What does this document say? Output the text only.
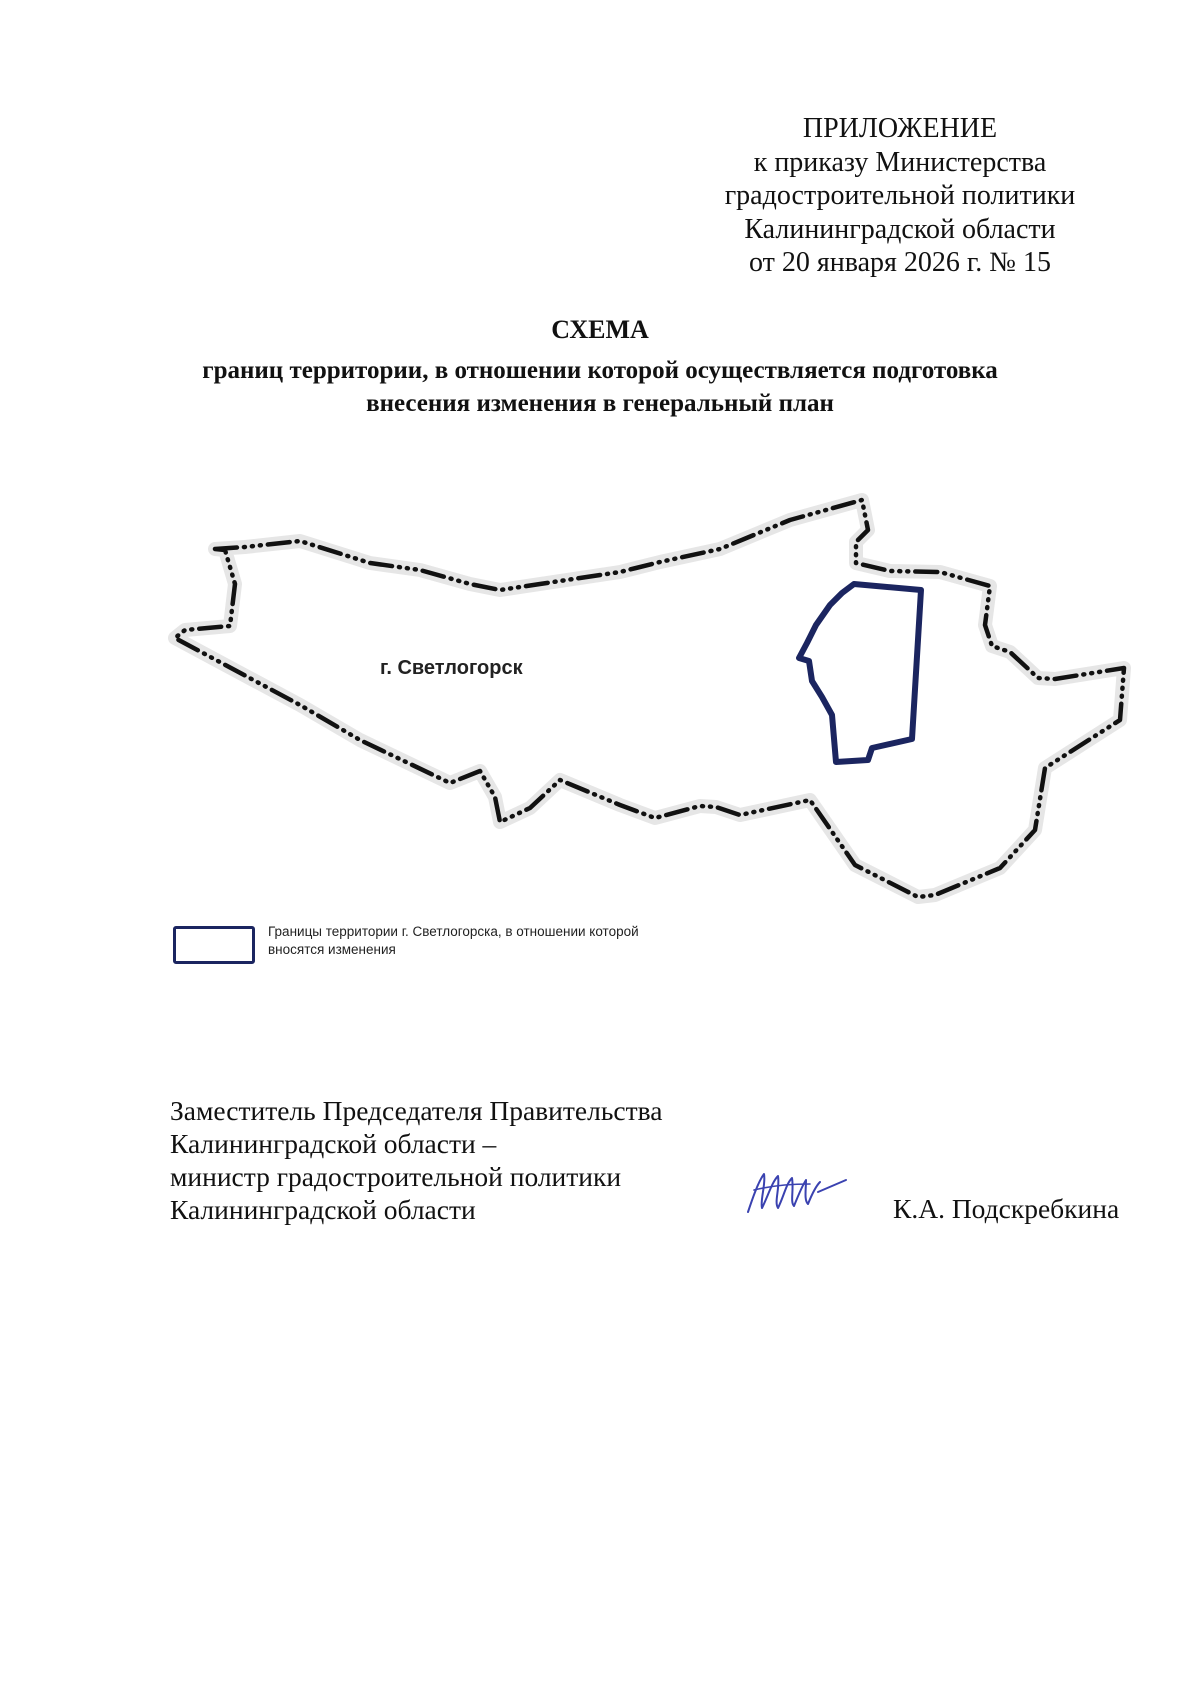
ПРИЛОЖЕНИЕ
к приказу Министерства
градостроительной политики
Калининградской области
от 20 января 2026 г. № 15
СХЕМА
границ территории, в отношении которой осуществляется подготовка
внесения изменения в генеральный план
г. Светлогорск
Границы территории г. Светлогорска, в отношении которой
вносятся изменения
Заместитель Председателя Правительства
Калининградской области –
министр градостроительной политики
Калининградской области	К.А. Подскребкина
